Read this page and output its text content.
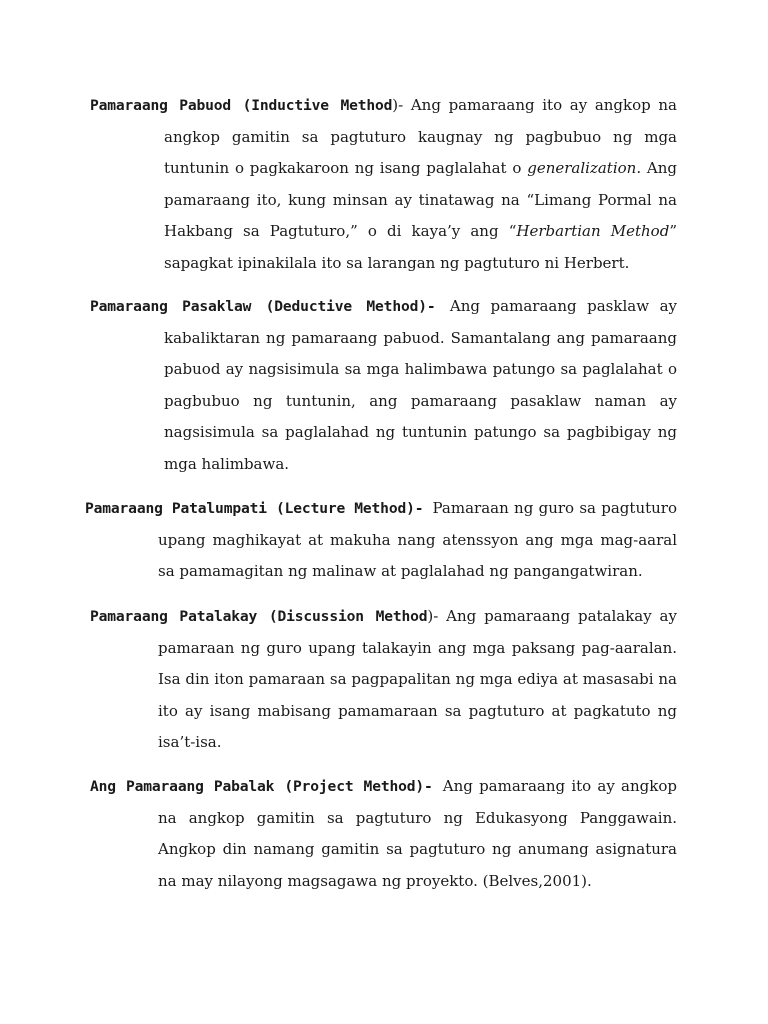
Pamaraang Pabuod (Inductive Method)- Ang pamaraang ito ay angkop na angkop gamitin sa pagtuturo kaugnay ng pagbubuo ng mga tuntunin o pagkakaroon ng isang paglalahat o generalization. Ang pamaraang ito, kung minsan ay tinatawag na “Limang Pormal na Hakbang sa Pagtuturo,” o di kaya’y ang “Herbartian Method” sapagkat ipinakilala ito sa larangan ng pagtuturo ni Herbert.

Pamaraang Pasaklaw (Deductive Method)- Ang pamaraang pasklaw ay kabaliktaran ng pamaraang pabuod. Samantalang ang pamaraang pabuod ay nagsisimula sa mga halimbawa patungo sa paglalahat o pagbubuo ng tuntunin, ang pamaraang pasaklaw naman ay nagsisimula sa paglalahad ng tuntunin patungo sa pagbibigay ng mga halimbawa.

Pamaraang Patalumpati (Lecture Method)- Pamaraan ng guro sa pagtuturo upang maghikayat at makuha nang atenssyon ang mga mag-aaral sa pamamagitan ng malinaw at paglalahad ng pangangatwiran.

Pamaraang Patalakay (Discussion Method)- Ang pamaraang patalakay ay pamaraan ng guro upang talakayin ang mga paksang pag-aaralan. Isa din iton pamaraan sa pagpapalitan ng mga ediya at masasabi na ito ay isang mabisang pamamaraan sa pagtuturo at pagkatuto ng isa’t-isa.

Ang Pamaraang Pabalak (Project Method)- Ang pamaraang ito ay angkop na angkop gamitin sa pagtuturo ng Edukasyong Panggawain. Angkop din namang gamitin sa pagtuturo ng anumang asignatura na may nilayong magsagawa ng proyekto. (Belves,2001).
